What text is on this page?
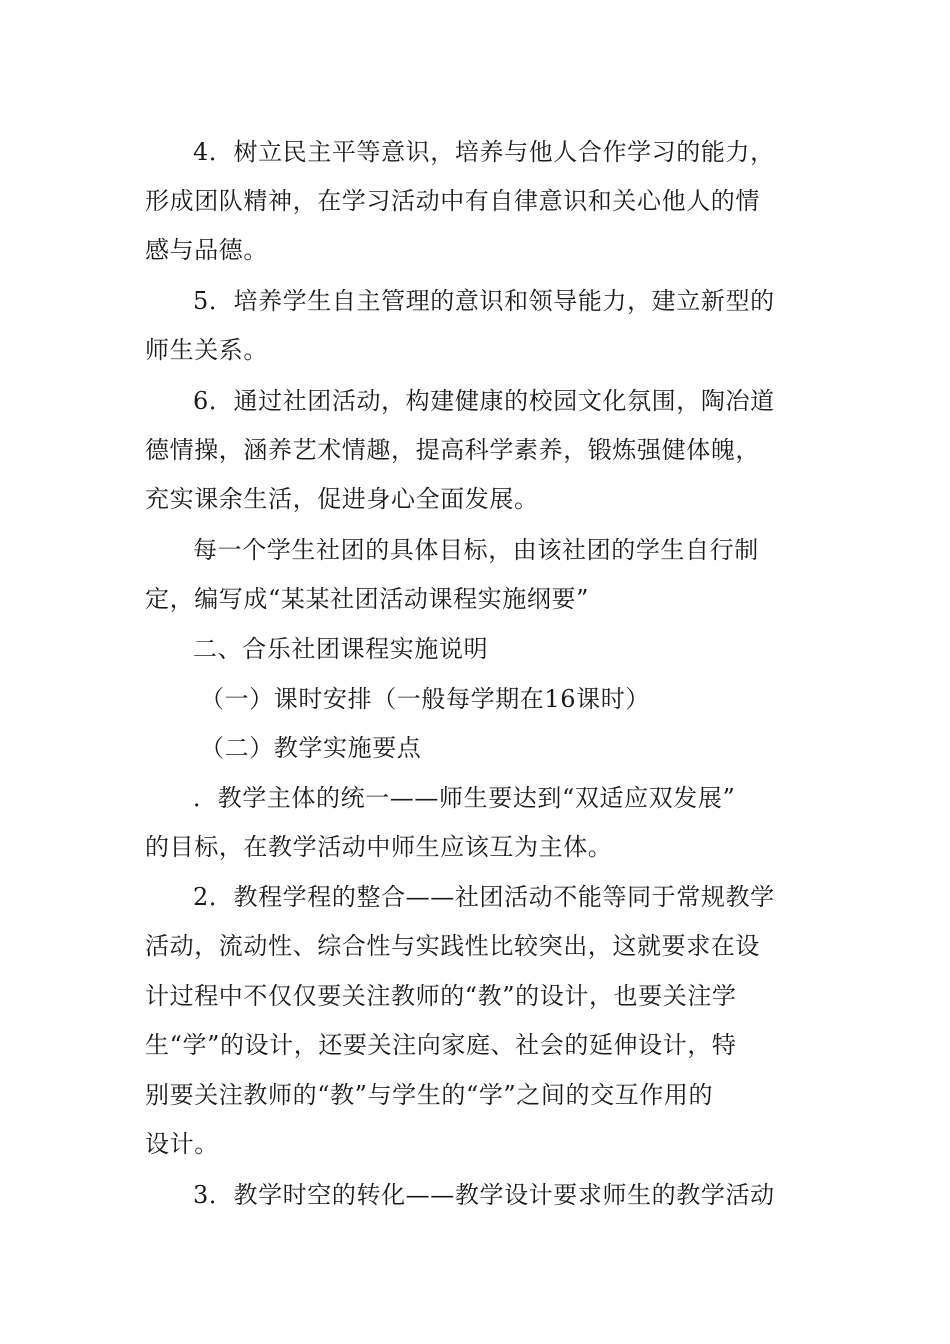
4．树立民主平等意识，培养与他人合作学习的能力，
形成团队精神，在学习活动中有自律意识和关心他人的情
感与品德。
5．培养学生自主管理的意识和领导能力，建立新型的
师生关系。
6．通过社团活动，构建健康的校园文化氛围，陶冶道
德情操，涵养艺术情趣，提高科学素养，锻炼强健体魄，
充实课余生活，促进身心全面发展。
每一个学生社团的具体目标，由该社团的学生自行制
定，编写成“某某社团活动课程实施纲要”
二、合乐社团课程实施说明
（一）课时安排（一般每学期在16课时）
（二）教学实施要点
．教学主体的统一——师生要达到“双适应双发展”
的目标，在教学活动中师生应该互为主体。
2．教程学程的整合——社团活动不能等同于常规教学
活动，流动性、综合性与实践性比较突出，这就要求在设
计过程中不仅仅要关注教师的“教”的设计，也要关注学
生“学”的设计，还要关注向家庭、社会的延伸设计，特
别要关注教师的“教”与学生的“学”之间的交互作用的
设计。
3．教学时空的转化——教学设计要求师生的教学活动
